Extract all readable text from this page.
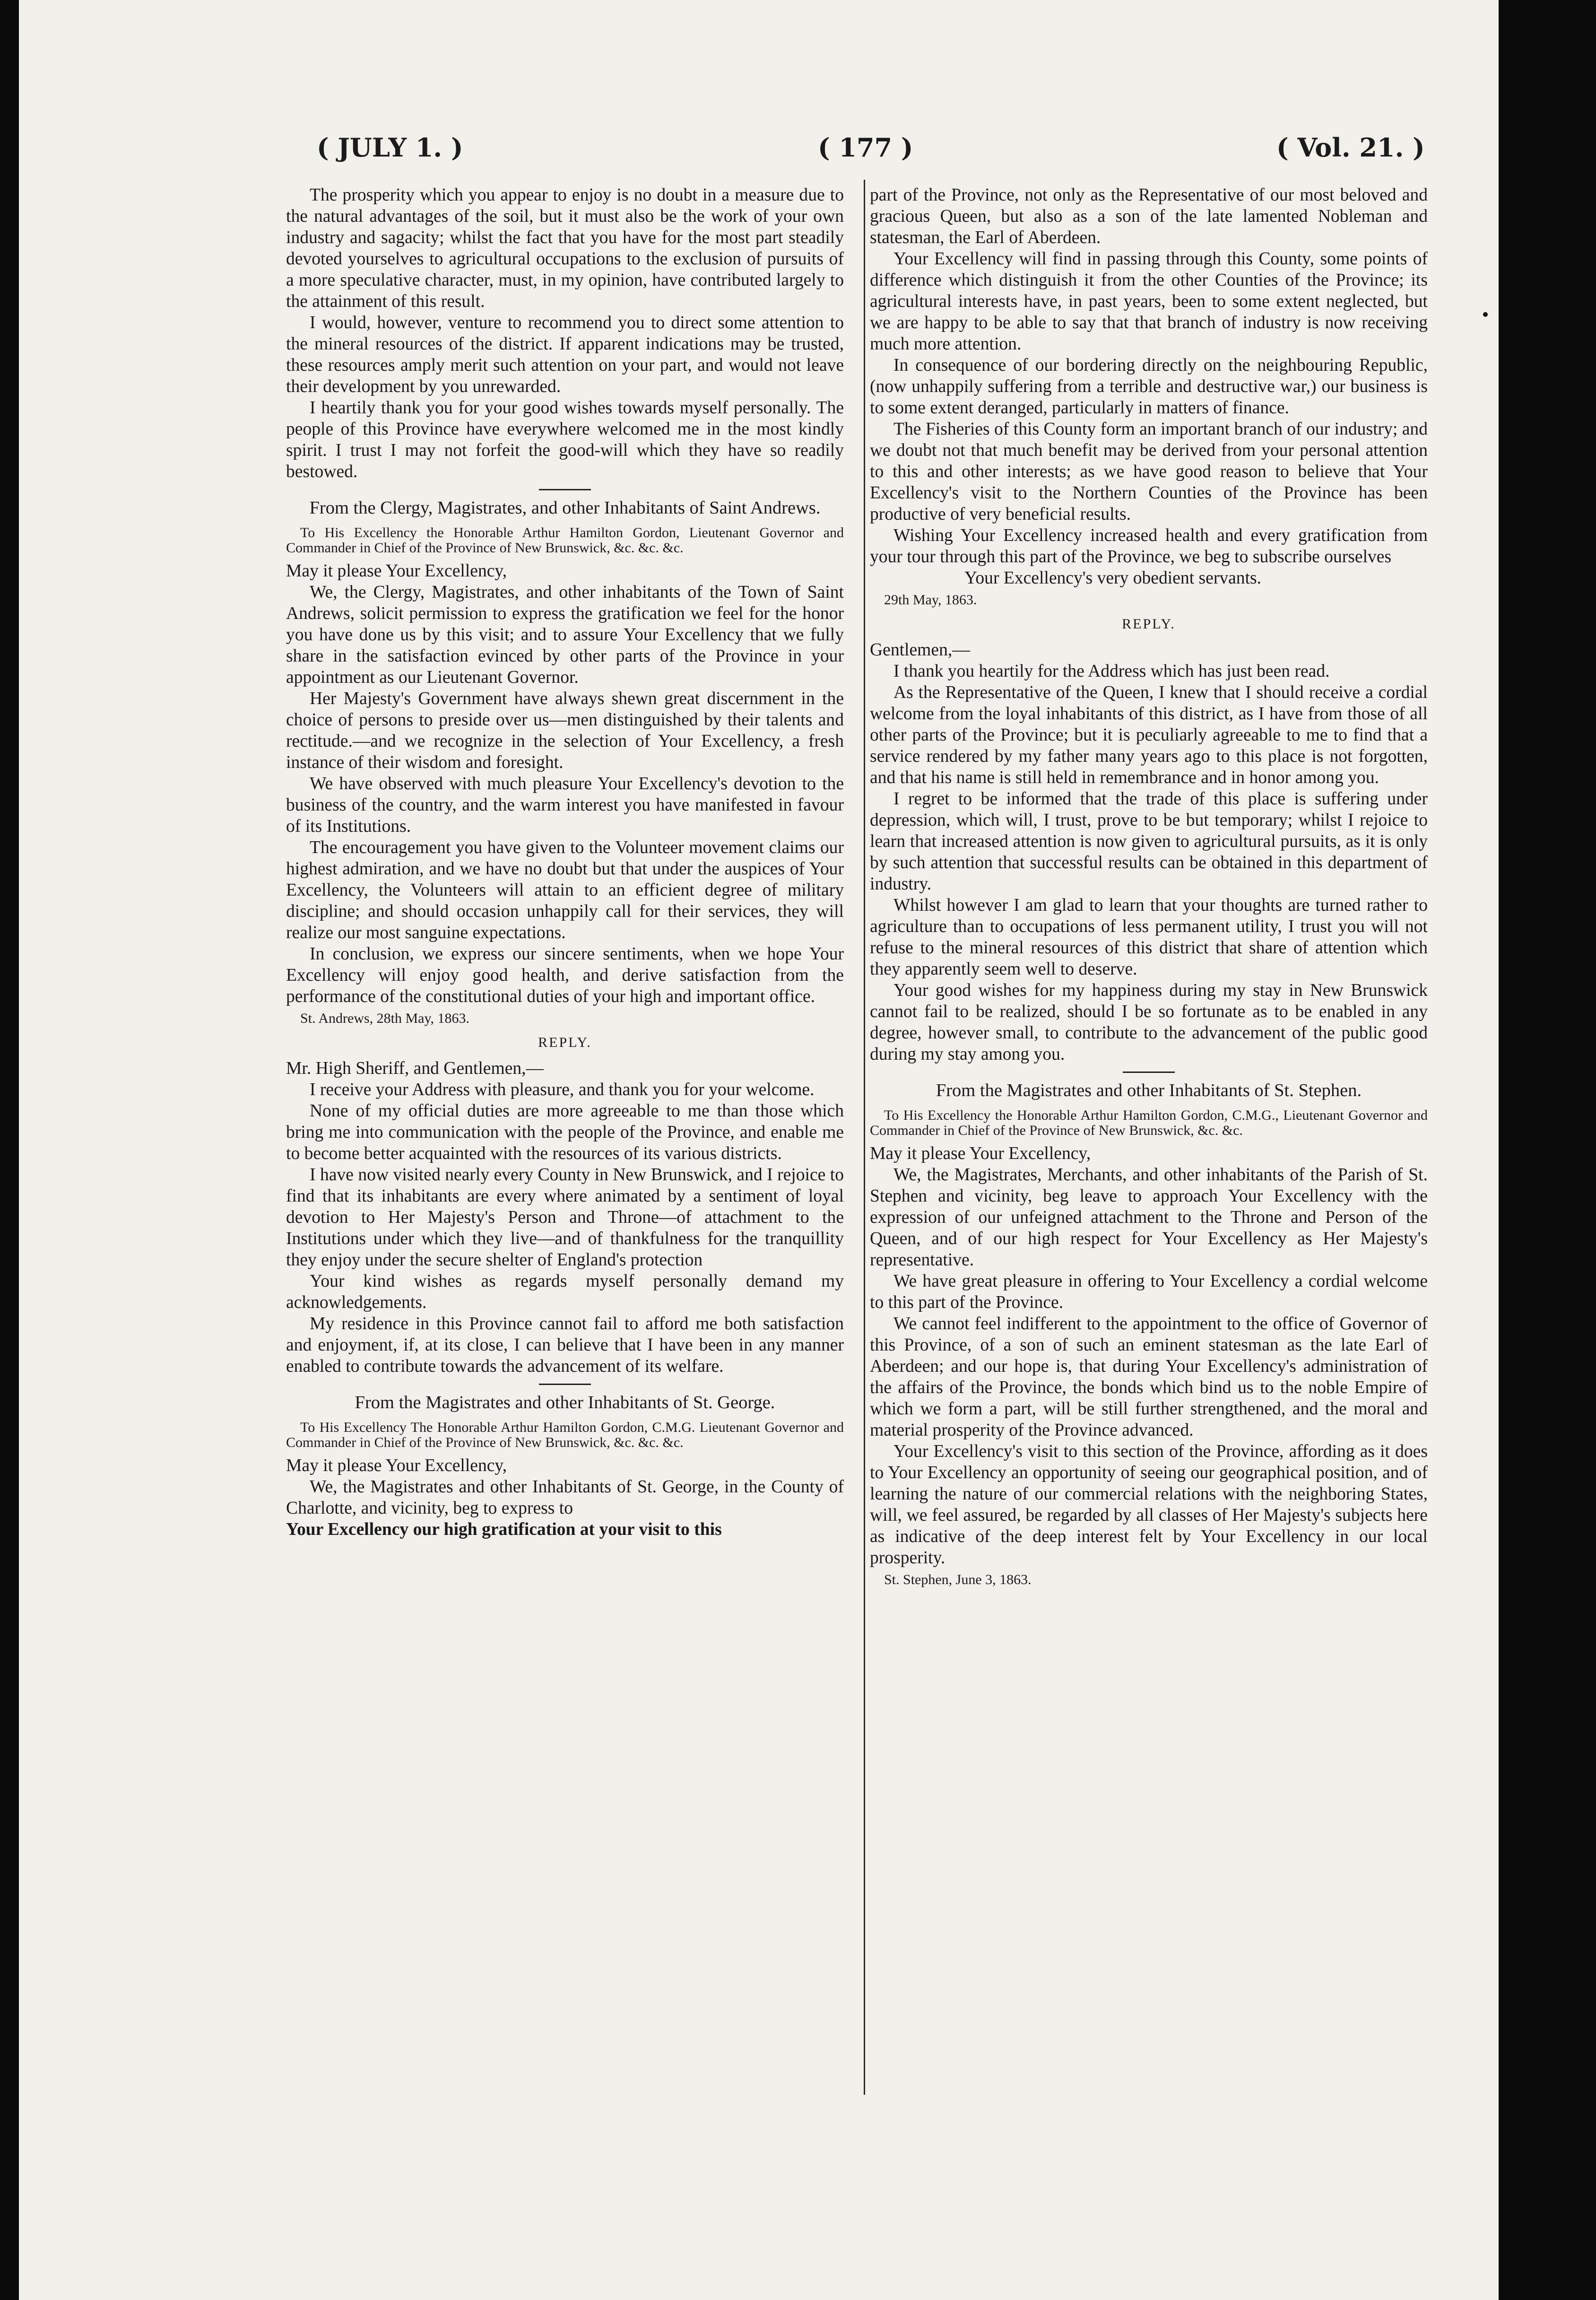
( JULY 1. )	( 177 )	( Vol. 21. )

The prosperity which you appear to enjoy is no doubt in a measure due to the natural advantages of the soil, but it must also be the work of your own industry and sagacity; whilst the fact that you have for the most part steadily devoted yourselves to agricultural occupations to the exclusion of pursuits of a more speculative character, must, in my opinion, have contributed largely to the attainment of this result.

I would, however, venture to recommend you to direct some attention to the mineral resources of the district. If apparent indications may be trusted, these resources amply merit such attention on your part, and would not leave their development by you unrewarded.

I heartily thank you for your good wishes towards myself personally. The people of this Province have everywhere welcomed me in the most kindly spirit. I trust I may not forfeit the good-will which they have so readily bestowed.

From the Clergy, Magistrates, and other Inhabitants of Saint Andrews.

To His Excellency the Honorable Arthur Hamilton Gordon, Lieutenant Governor and Commander in Chief of the Province of New Brunswick, &c. &c. &c.

May it please Your Excellency,

We, the Clergy, Magistrates, and other inhabitants of the Town of Saint Andrews, solicit permission to express the gratification we feel for the honor you have done us by this visit; and to assure Your Excellency that we fully share in the satisfaction evinced by other parts of the Province in your appointment as our Lieutenant Governor.

Her Majesty's Government have always shewn great discernment in the choice of persons to preside over us—men distinguished by their talents and rectitude.—and we recognize in the selection of Your Excellency, a fresh instance of their wisdom and foresight.

We have observed with much pleasure Your Excellency's devotion to the business of the country, and the warm interest you have manifested in favour of its Institutions.

The encouragement you have given to the Volunteer movement claims our highest admiration, and we have no doubt but that under the auspices of Your Excellency, the Volunteers will attain to an efficient degree of military discipline; and should occasion unhappily call for their services, they will realize our most sanguine expectations.

In conclusion, we express our sincere sentiments, when we hope Your Excellency will enjoy good health, and derive satisfaction from the performance of the constitutional duties of your high and important office.

St. Andrews, 28th May, 1863.

REPLY.

Mr. High Sheriff, and Gentlemen,—

I receive your Address with pleasure, and thank you for your welcome.

None of my official duties are more agreeable to me than those which bring me into communication with the people of the Province, and enable me to become better acquainted with the resources of its various districts.

I have now visited nearly every County in New Brunswick, and I rejoice to find that its inhabitants are every where animated by a sentiment of loyal devotion to Her Majesty's Person and Throne—of attachment to the Institutions under which they live—and of thankfulness for the tranquillity they enjoy under the secure shelter of England's protection

Your kind wishes as regards myself personally demand my acknowledgements.

My residence in this Province cannot fail to afford me both satisfaction and enjoyment, if, at its close, I can believe that I have been in any manner enabled to contribute towards the advancement of its welfare.

From the Magistrates and other Inhabitants of St. George.

To His Excellency The Honorable Arthur Hamilton Gordon, C.M.G. Lieutenant Governor and Commander in Chief of the Province of New Brunswick, &c. &c. &c.

May it please Your Excellency,

We, the Magistrates and other Inhabitants of St. George, in the County of Charlotte, and vicinity, beg to express to

Your Excellency our high gratification at your visit to this

part of the Province, not only as the Representative of our most beloved and gracious Queen, but also as a son of the late lamented Nobleman and statesman, the Earl of Aberdeen.

Your Excellency will find in passing through this County, some points of difference which distinguish it from the other Counties of the Province; its agricultural interests have, in past years, been to some extent neglected, but we are happy to be able to say that that branch of industry is now receiving much more attention.

In consequence of our bordering directly on the neighbouring Republic, (now unhappily suffering from a terrible and destructive war,) our business is to some extent deranged, particularly in matters of finance.

The Fisheries of this County form an important branch of our industry; and we doubt not that much benefit may be derived from your personal attention to this and other interests; as we have good reason to believe that Your Excellency's visit to the Northern Counties of the Province has been productive of very beneficial results.

Wishing Your Excellency increased health and every gratification from your tour through this part of the Province, we beg to subscribe ourselves

Your Excellency's very obedient servants.

29th May, 1863.

REPLY.

Gentlemen,—

I thank you heartily for the Address which has just been read.

As the Representative of the Queen, I knew that I should receive a cordial welcome from the loyal inhabitants of this district, as I have from those of all other parts of the Province; but it is peculiarly agreeable to me to find that a service rendered by my father many years ago to this place is not forgotten, and that his name is still held in remembrance and in honor among you.

I regret to be informed that the trade of this place is suffering under depression, which will, I trust, prove to be but temporary; whilst I rejoice to learn that increased attention is now given to agricultural pursuits, as it is only by such attention that successful results can be obtained in this department of industry.

Whilst however I am glad to learn that your thoughts are turned rather to agriculture than to occupations of less permanent utility, I trust you will not refuse to the mineral resources of this district that share of attention which they apparently seem well to deserve.

Your good wishes for my happiness during my stay in New Brunswick cannot fail to be realized, should I be so fortunate as to be enabled in any degree, however small, to contribute to the advancement of the public good during my stay among you.

From the Magistrates and other Inhabitants of St. Stephen.

To His Excellency the Honorable Arthur Hamilton Gordon, C.M.G., Lieutenant Governor and Commander in Chief of the Province of New Brunswick, &c. &c.

May it please Your Excellency,

We, the Magistrates, Merchants, and other inhabitants of the Parish of St. Stephen and vicinity, beg leave to approach Your Excellency with the expression of our unfeigned attachment to the Throne and Person of the Queen, and of our high respect for Your Excellency as Her Majesty's representative.

We have great pleasure in offering to Your Excellency a cordial welcome to this part of the Province.

We cannot feel indifferent to the appointment to the office of Governor of this Province, of a son of such an eminent statesman as the late Earl of Aberdeen; and our hope is, that during Your Excellency's administration of the affairs of the Province, the bonds which bind us to the noble Empire of which we form a part, will be still further strengthened, and the moral and material prosperity of the Province advanced.

Your Excellency's visit to this section of the Province, affording as it does to Your Excellency an opportunity of seeing our geographical position, and of learning the nature of our commercial relations with the neighboring States, will, we feel assured, be regarded by all classes of Her Majesty's subjects here as indicative of the deep interest felt by Your Excellency in our local prosperity.

St. Stephen, June 3, 1863.
